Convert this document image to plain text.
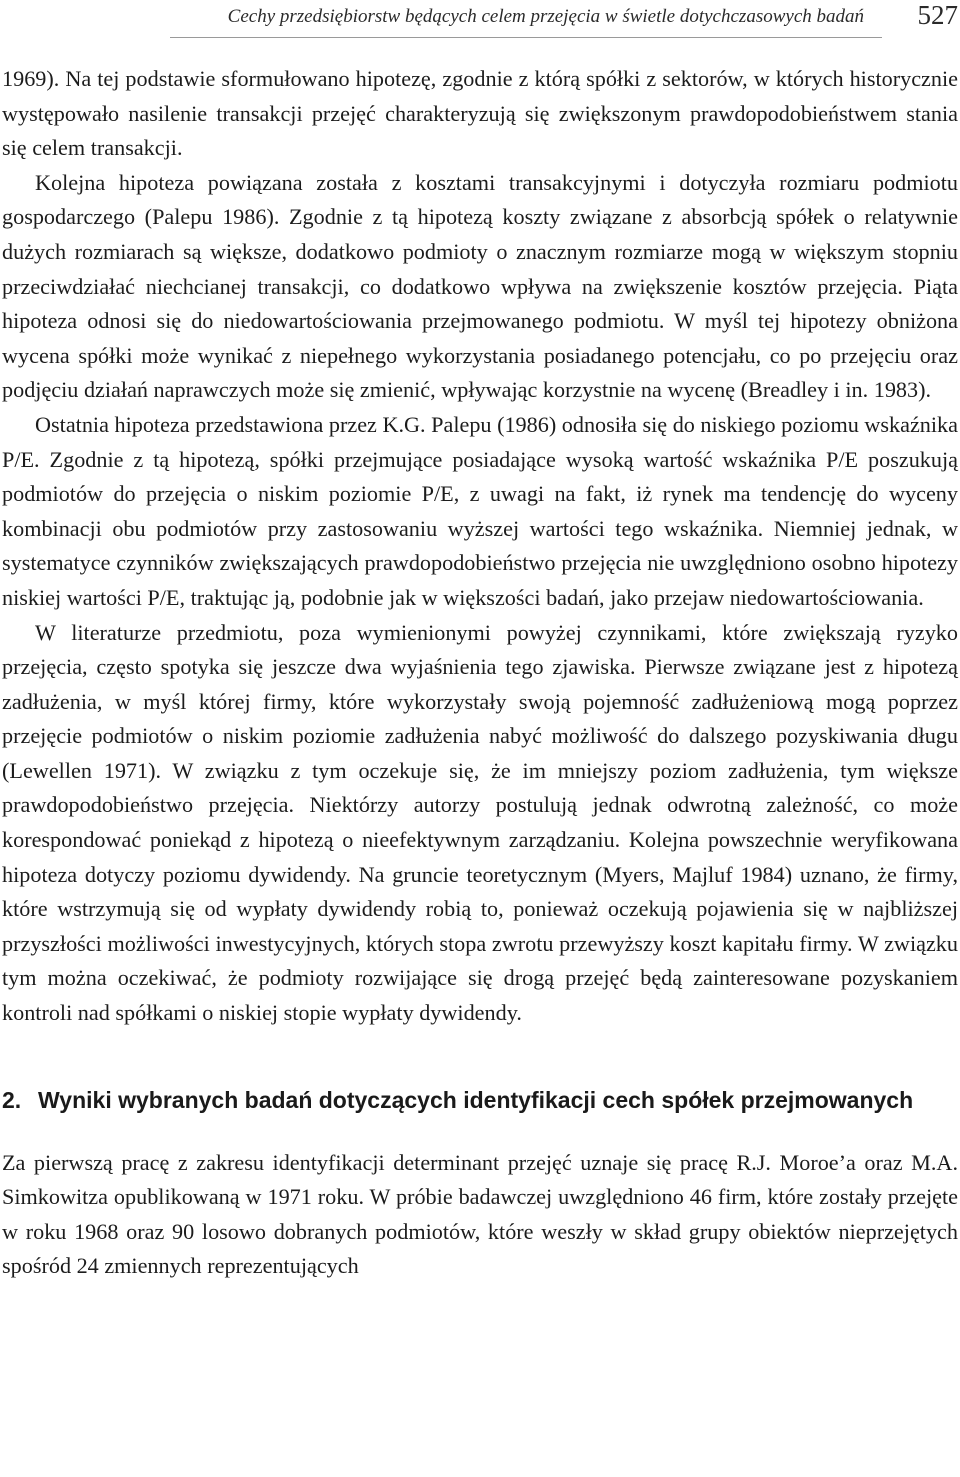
Cechy przedsiębiorstw będących celem przejęcia w świetle dotychczasowych badań 527

1969). Na tej podstawie sformułowano hipotezę, zgodnie z którą spółki z sektorów, w których historycznie występowało nasilenie transakcji przejęć charakteryzują się zwiększonym prawdopodobieństwem stania się celem transakcji.

Kolejna hipoteza powiązana została z kosztami transakcyjnymi i dotyczyła rozmiaru podmiotu gospodarczego (Palepu 1986). Zgodnie z tą hipotezą koszty związane z absorbcją spółek o relatywnie dużych rozmiarach są większe, dodatkowo podmioty o znacznym rozmiarze mogą w większym stopniu przeciwdziałać niechcianej transakcji, co dodatkowo wpływa na zwiększenie kosztów przejęcia. Piąta hipoteza odnosi się do niedowartościowania przejmowanego podmiotu. W myśl tej hipotezy obniżona wycena spółki może wynikać z niepełnego wykorzystania posiadanego potencjału, co po przejęciu oraz podjęciu działań naprawczych może się zmienić, wpływając korzystnie na wycenę (Breadley i in. 1983).

Ostatnia hipoteza przedstawiona przez K.G. Palepu (1986) odnosiła się do niskiego poziomu wskaźnika P/E. Zgodnie z tą hipotezą, spółki przejmujące posiadające wysoką wartość wskaźnika P/E poszukują podmiotów do przejęcia o niskim poziomie P/E, z uwagi na fakt, iż rynek ma tendencję do wyceny kombinacji obu podmiotów przy zastosowaniu wyższej wartości tego wskaźnika. Niemniej jednak, w systematyce czynników zwiększających prawdopodobieństwo przejęcia nie uwzględniono osobno hipotezy niskiej wartości P/E, traktując ją, podobnie jak w większości badań, jako przejaw niedowartościowania.

W literaturze przedmiotu, poza wymienionymi powyżej czynnikami, które zwiększają ryzyko przejęcia, często spotyka się jeszcze dwa wyjaśnienia tego zjawiska. Pierwsze związane jest z hipotezą zadłużenia, w myśl której firmy, które wykorzystały swoją pojemność zadłużeniową mogą poprzez przejęcie podmiotów o niskim poziomie zadłużenia nabyć możliwość do dalszego pozyskiwania długu (Lewellen 1971). W związku z tym oczekuje się, że im mniejszy poziom zadłużenia, tym większe prawdopodobieństwo przejęcia. Niektórzy autorzy postulują jednak odwrotną zależność, co może korespondować poniekąd z hipotezą o nieefektywnym zarządzaniu. Kolejna powszechnie weryfikowana hipoteza dotyczy poziomu dywidendy. Na gruncie teoretycznym (Myers, Majluf 1984) uznano, że firmy, które wstrzymują się od wypłaty dywidendy robią to, ponieważ oczekują pojawienia się w najbliższej przyszłości możliwości inwestycyjnych, których stopa zwrotu przewyższy koszt kapitału firmy. W związku tym można oczekiwać, że podmioty rozwijające się drogą przejęć będą zainteresowane pozyskaniem kontroli nad spółkami o niskiej stopie wypłaty dywidendy.

2. Wyniki wybranych badań dotyczących identyfikacji cech spółek przejmowanych

Za pierwszą pracę z zakresu identyfikacji determinant przejęć uznaje się pracę R.J. Moroe’a oraz M.A. Simkowitza opublikowaną w 1971 roku. W próbie badawczej uwzględniono 46 firm, które zostały przejęte w roku 1968 oraz 90 losowo dobranych podmiotów, które weszły w skład grupy obiektów nieprzejętych spośród 24 zmiennych reprezentujących
